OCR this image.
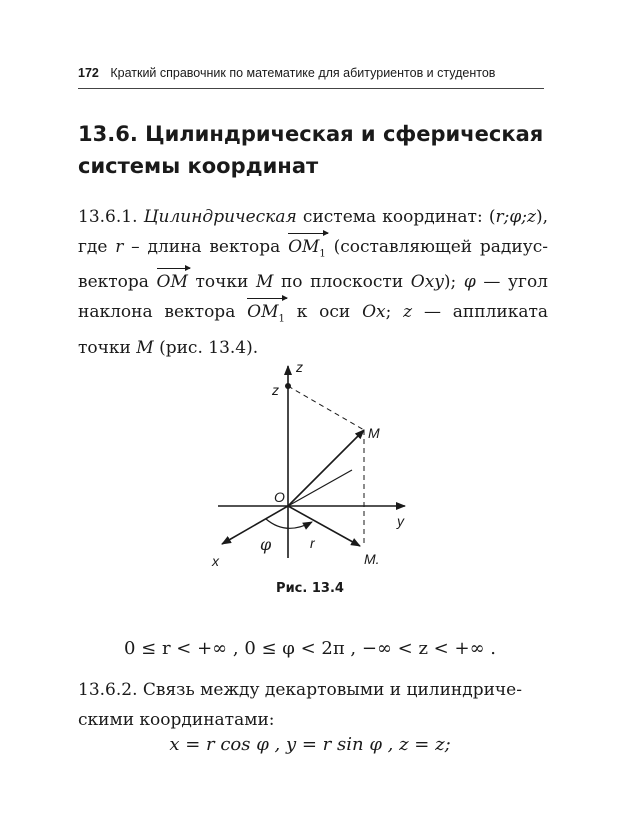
172 Краткий справочник по математике для абитуриентов и студентов
13.6. Цилиндрическая и сферическая
системы координат

13.6.1. Цилиндрическая система координат: (r;φ;z), где r – длина вектора $OM_1$ (составляющей радиус-вектора OM точки M по плоскости Oxy); φ — угол наклона вектора $OM_1$ к оси Ox; z — аппликата точки M (рис. 13.4).

z
z
M
O
y
x
φ	r
M.
Рис. 13.4
0 ≤ r < +∞ , 0 ≤ φ < 2π , −∞ < z < +∞ .

13.6.2. Связь между декартовыми и цилиндрическими координатами:

x = r cos φ , y = r sin φ , z = z;
